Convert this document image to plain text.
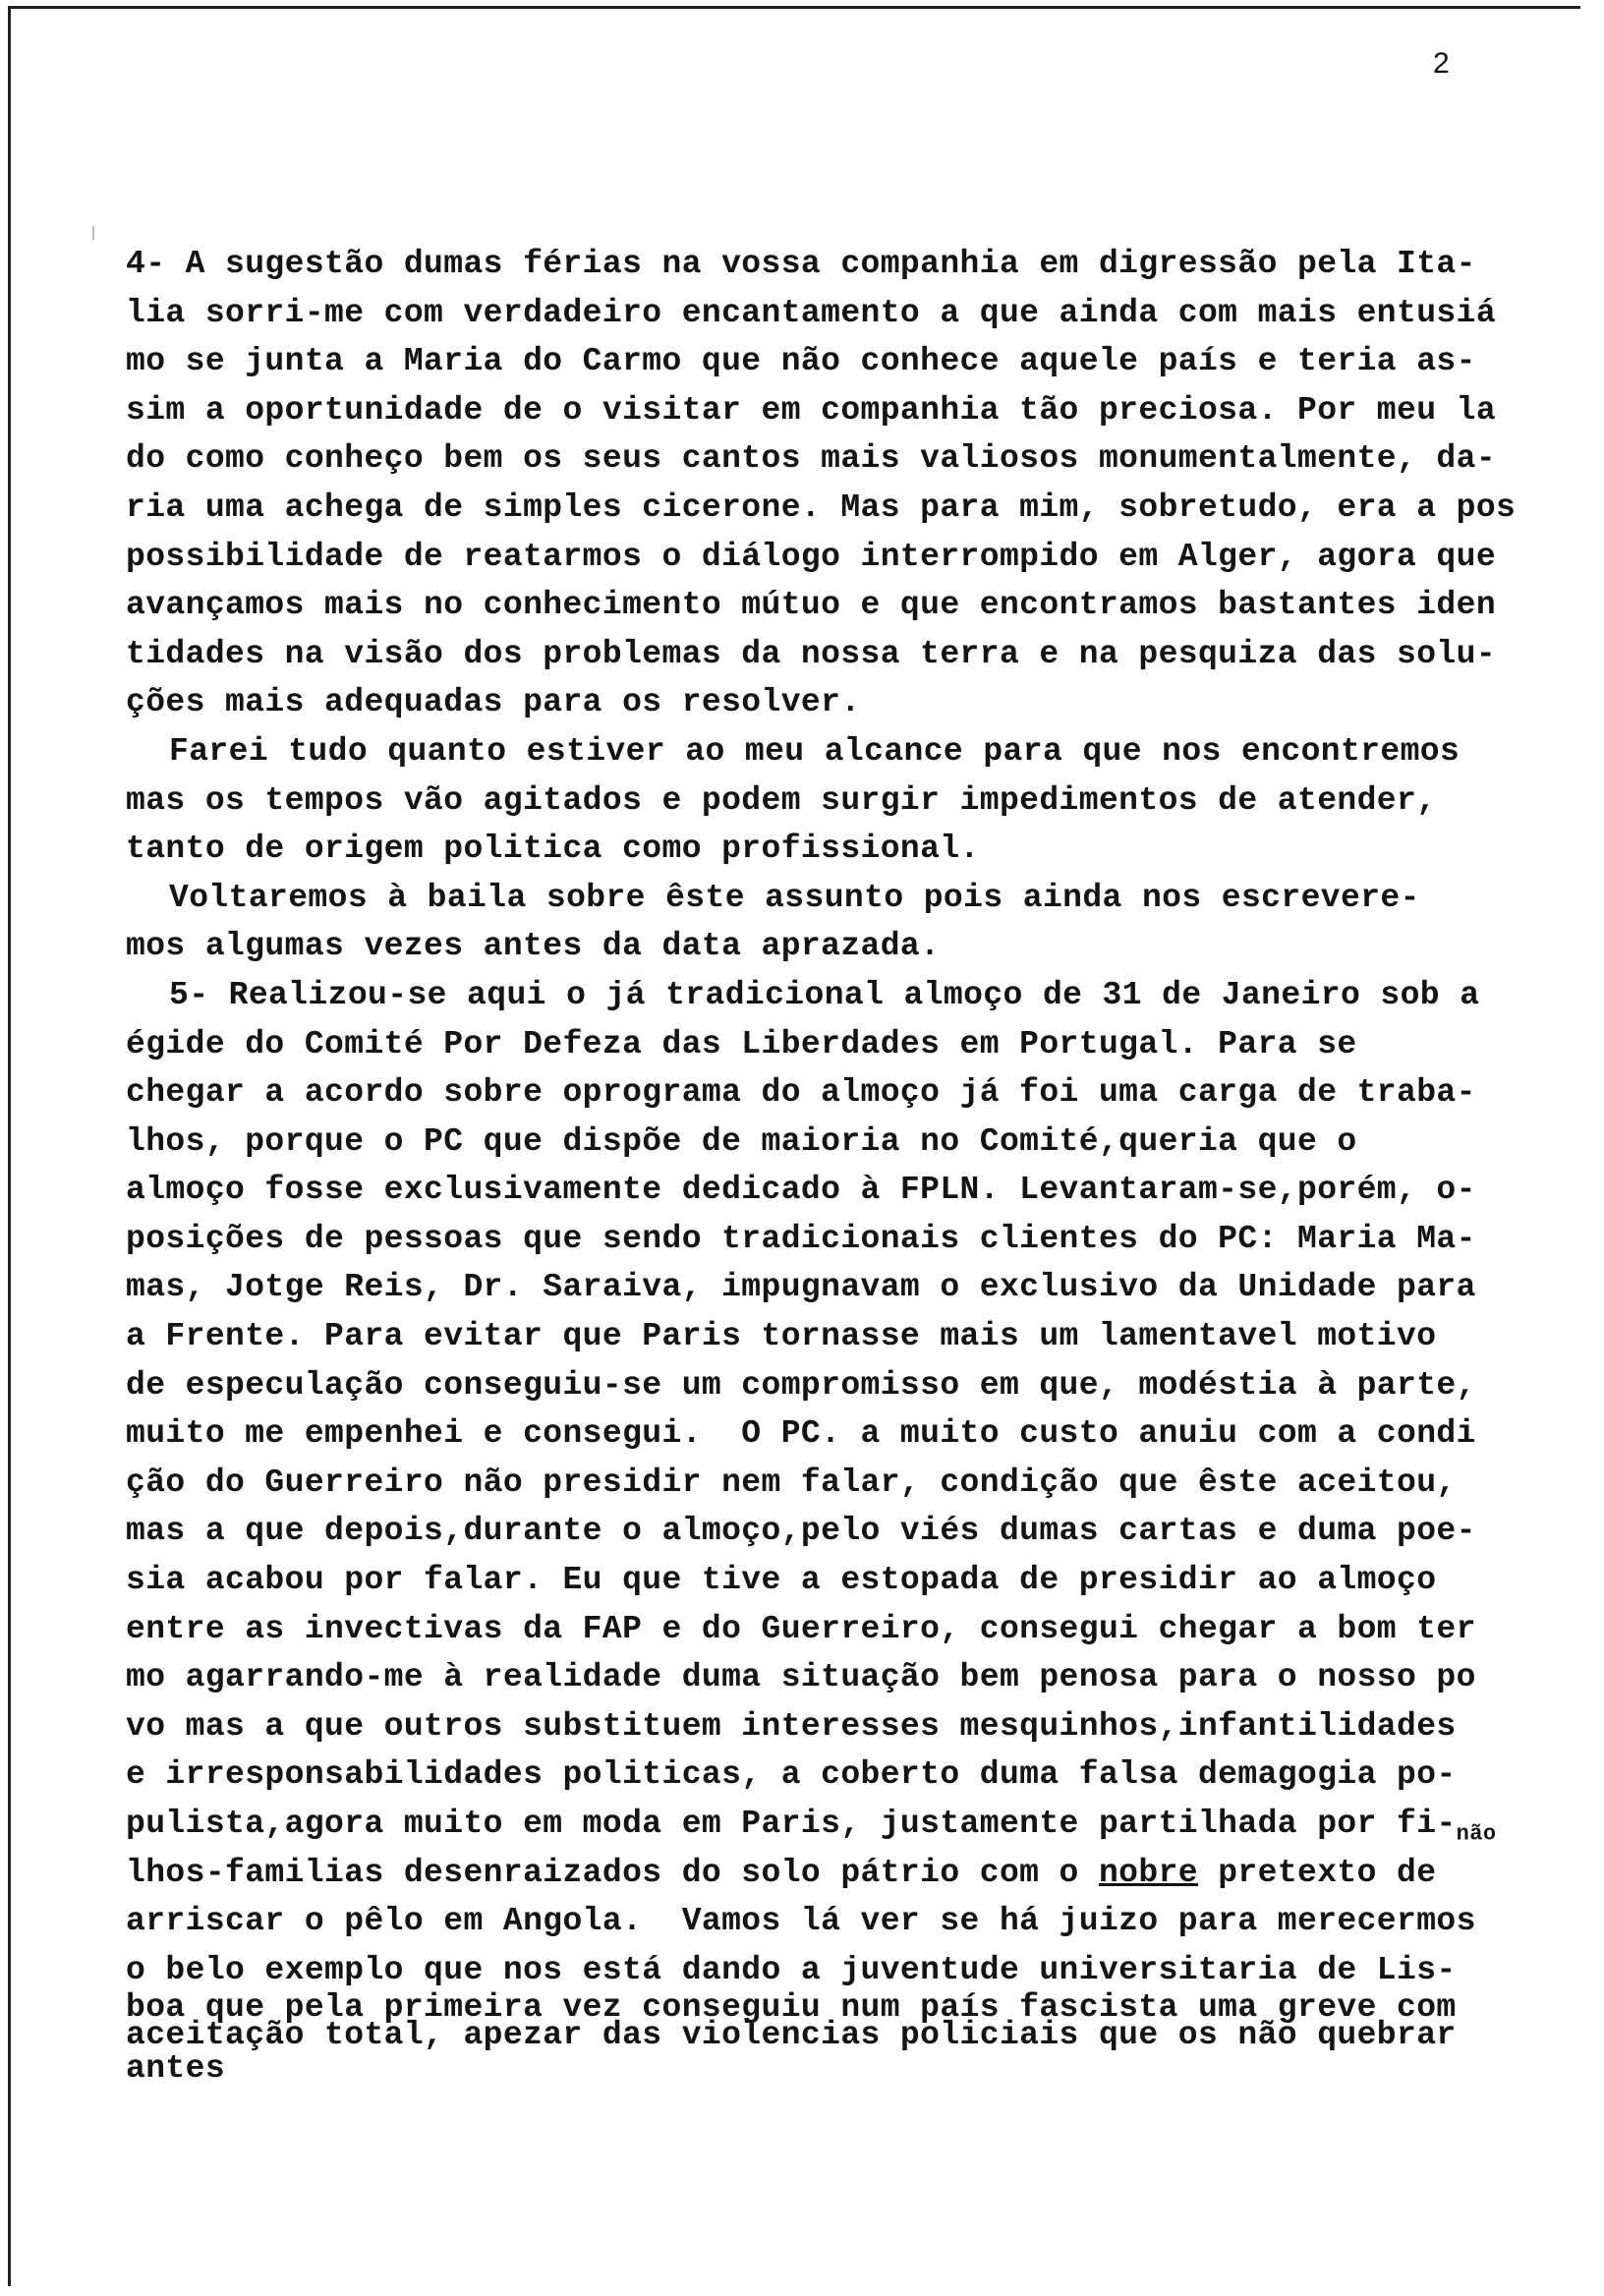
2
4- A sugestão dumas férias na vossa companhia em digressão pela Ita-
lia sorri-me com verdadeiro encantamento a que ainda com mais entusiá
mo se junta a Maria do Carmo que não conhece aquele país e teria as-
sim a oportunidade de o visitar em companhia tão preciosa. Por meu la
do como conheço bem os seus cantos mais valiosos monumentalmente, da-
ria uma achega de simples cicerone. Mas para mim, sobretudo, era a pos
possibilidade de reatarmos o diálogo interrompido em Alger, agora que
avançamos mais no conhecimento mútuo e que encontramos bastantes iden
tidades na visão dos problemas da nossa terra e na pesquiza das solu-
ções mais adequadas para os resolver.
Farei tudo quanto estiver ao meu alcance para que nos encontremos
mas os tempos vão agitados e podem surgir impedimentos de atender,
tanto de origem politica como profissional.
Voltaremos à baila sobre êste assunto pois ainda nos escrevere-
mos algumas vezes antes da data aprazada.
5- Realizou-se aqui o já tradicional almoço de 31 de Janeiro sob a
égide do Comité Por Defeza das Liberdades em Portugal. Para se
chegar a acordo sobre oprograma do almoço já foi uma carga de traba-
lhos, porque o PC que dispõe de maioria no Comité,queria que o
almoço fosse exclusivamente dedicado à FPLN. Levantaram-se,porém, o-
posições de pessoas que sendo tradicionais clientes do PC: Maria Ma-
mas, Jotge Reis, Dr. Saraiva, impugnavam o exclusivo da Unidade para
a Frente. Para evitar que Paris tornasse mais um lamentavel motivo
de especulação conseguiu-se um compromisso em que, modéstia à parte,
muito me empenhei e consegui.  O PC. a muito custo anuiu com a condi
ção do Guerreiro não presidir nem falar, condição que êste aceitou,
mas a que depois,durante o almoço,pelo viés dumas cartas e duma poe-
sia acabou por falar. Eu que tive a estopada de presidir ao almoço
entre as invectivas da FAP e do Guerreiro, consegui chegar a bom ter
mo agarrando-me à realidade duma situação bem penosa para o nosso po
vo mas a que outros substituem interesses mesquinhos,infantilidades
e irresponsabilidades politicas, a coberto duma falsa demagogia po-
pulista,agora muito em moda em Paris, justamente partilhada por $fi-_{não}$
lhos-familias desenraizados do solo pátrio com o nobre pretexto de
arriscar o pêlo em Angola.  Vamos lá ver se há juizo para merecermos
o belo exemplo que nos está dando a juventude universitaria de Lis-
boa que pela primeira vez conseguiu num país fascista uma greve com
aceitação total, apezar das violencias policiais que os não quebrar
antes
